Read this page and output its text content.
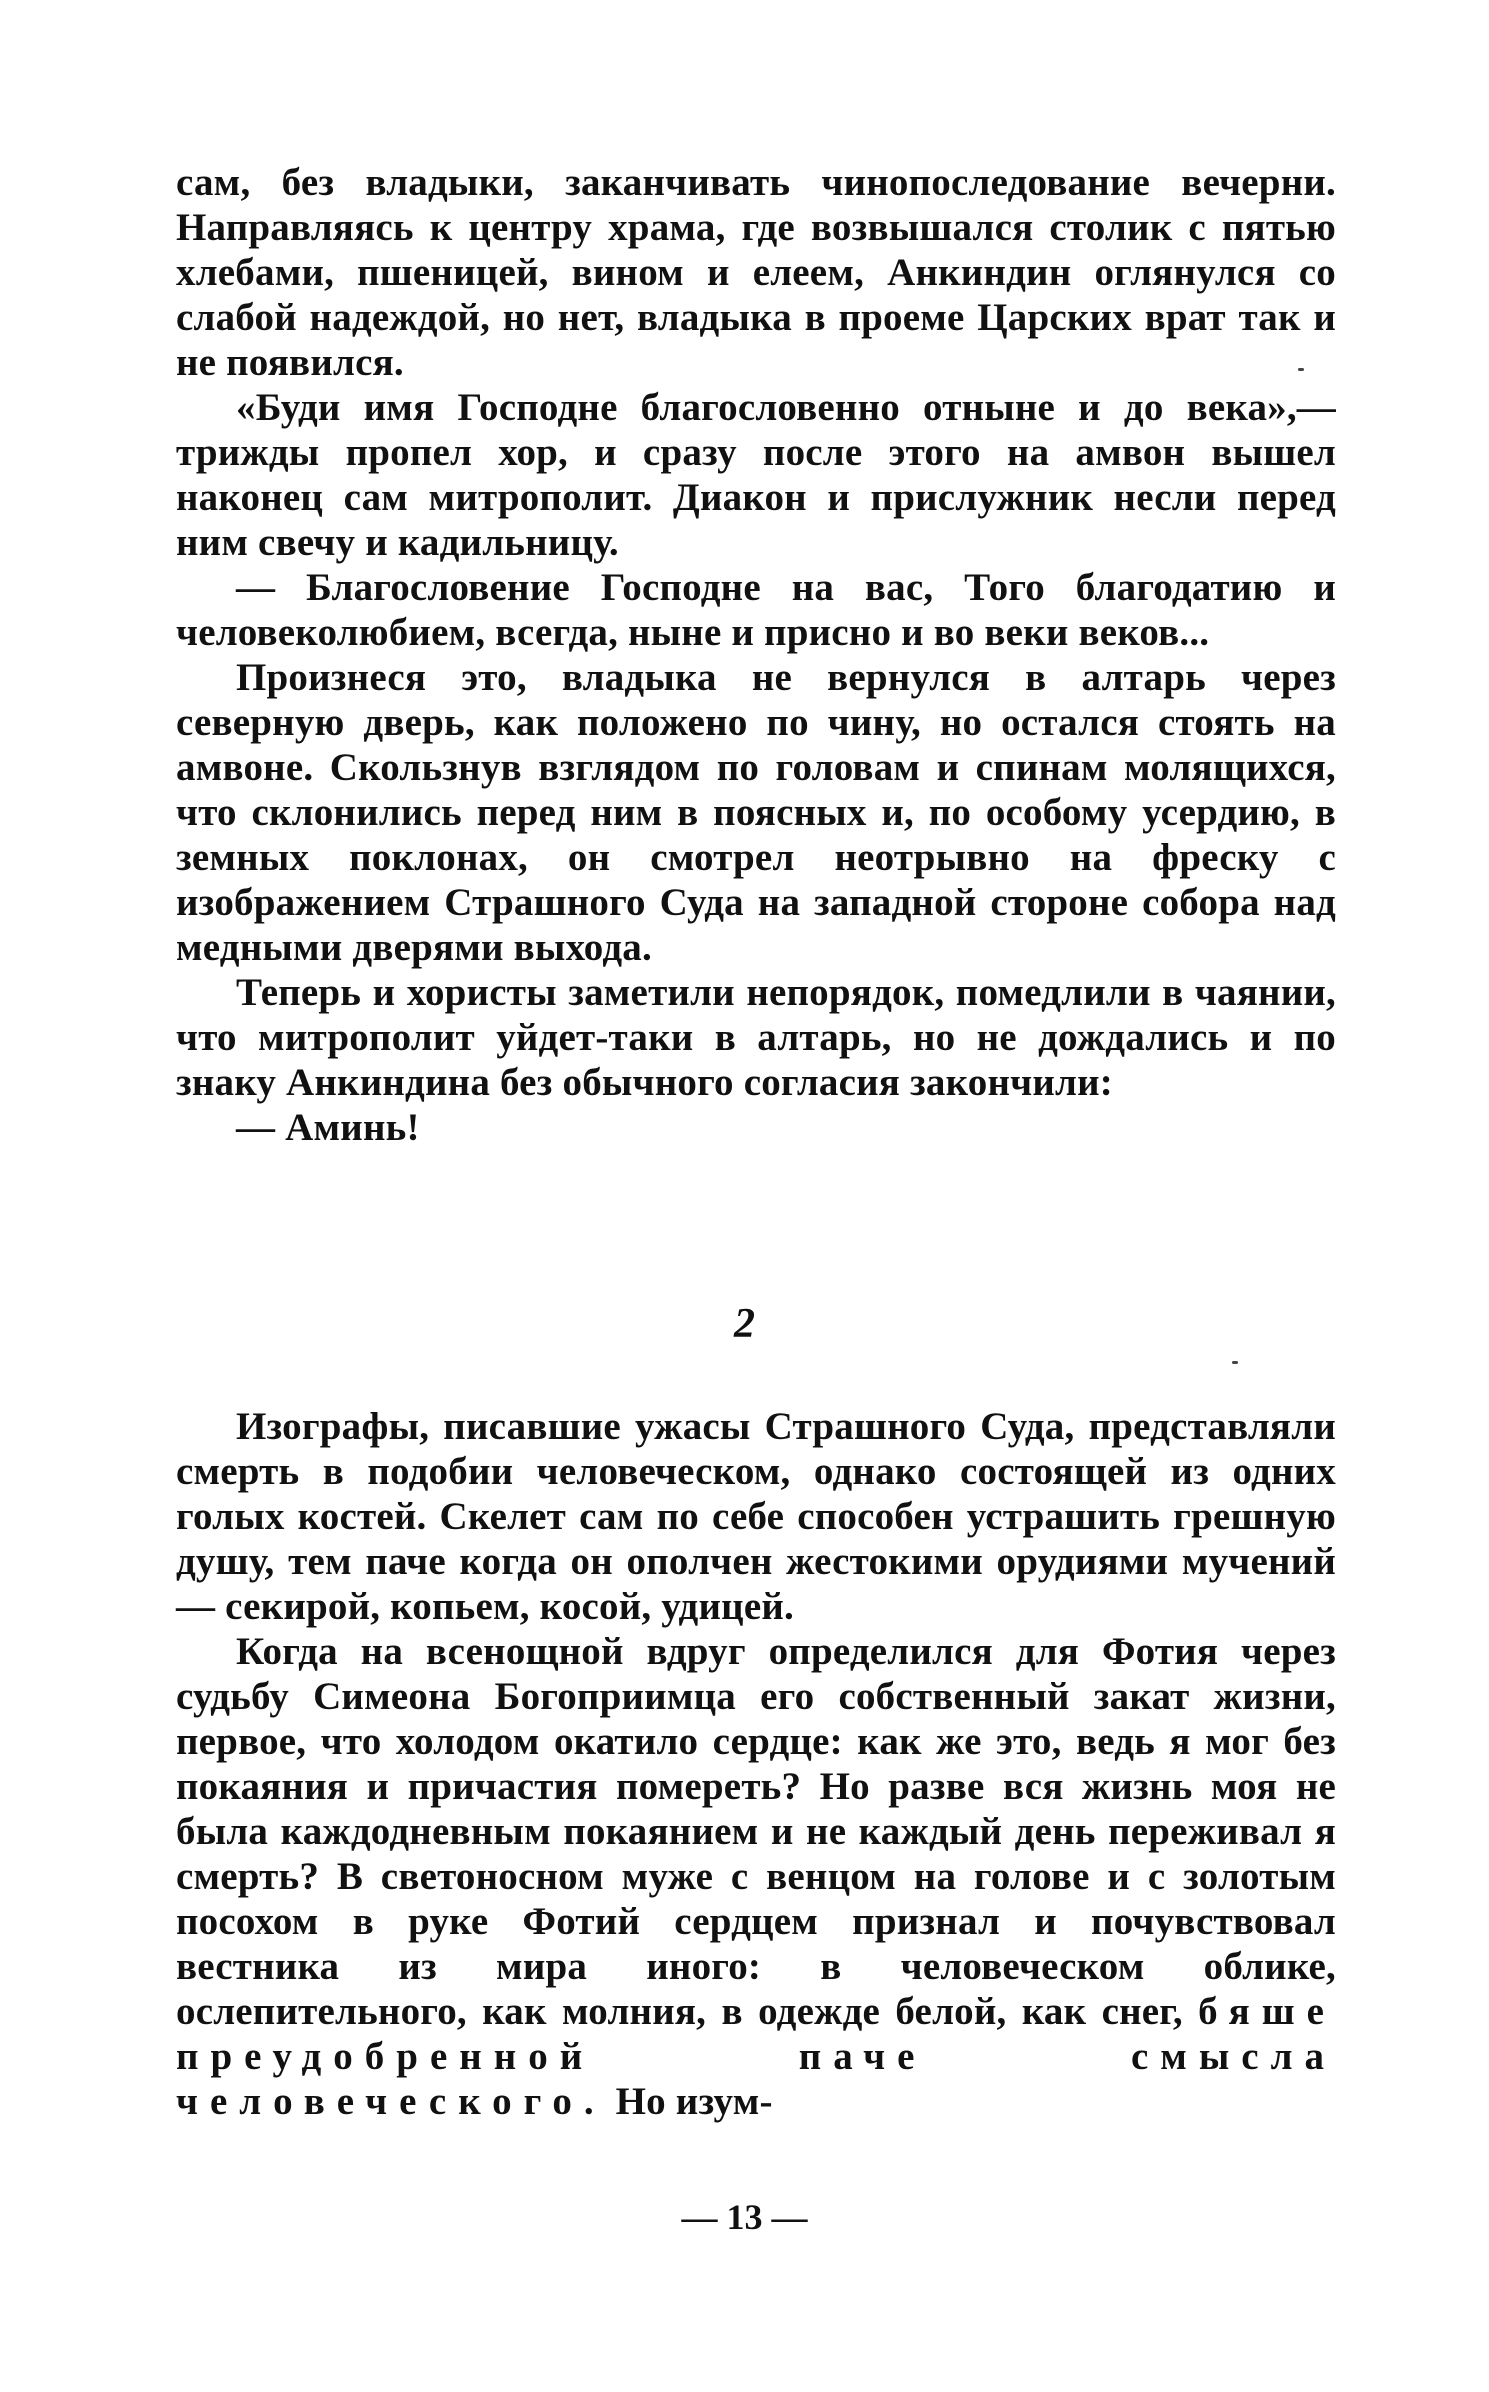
сам, без владыки, заканчивать чинопоследование вечерни. Направляясь к центру храма, где возвышался столик с пятью хлебами, пшеницей, вином и елеем, Анкиндин оглянулся со слабой надеждой, но нет, владыка в проеме Царских врат так и не появился.

«Буди имя Господне благословенно отныне и до века»,— трижды пропел хор, и сразу после этого на амвон вышел наконец сам митрополит. Диакон и прислужник несли перед ним свечу и кадильницу.

— Благословение Господне на вас, Того благодатию и человеколюбием, всегда, ныне и присно и во веки веков...

Произнеся это, владыка не вернулся в алтарь через северную дверь, как положено по чину, но остался стоять на амвоне. Скользнув взглядом по головам и спинам молящихся, что склонились перед ним в поясных и, по особому усердию, в земных поклонах, он смотрел неотрывно на фреску с изображением Страшного Суда на западной стороне собора над медными дверями выхода.

Теперь и хористы заметили непорядок, помедлили в чаянии, что митрополит уйдет-таки в алтарь, но не дождались и по знаку Анкиндина без обычного согласия закончили:

— Аминь!

2

Изографы, писавшие ужасы Страшного Суда, представляли смерть в подобии человеческом, однако состоящей из одних голых костей. Скелет сам по себе способен устрашить грешную душу, тем паче когда он ополчен жестокими орудиями мучений — секирой, копьем, косой, удицей.

Когда на всенощной вдруг определился для Фотия через судьбу Симеона Богоприимца его собственный закат жизни, первое, что холодом окатило сердце: как же это, ведь я мог без покаяния и причастия помереть? Но разве вся жизнь моя не была каждодневным покаянием и не каждый день переживал я смерть? В светоносном муже с венцом на голове и с золотым посохом в руке Фотий сердцем признал и почувствовал вестника из мира иного: в человеческом облике, ослепительного, как молния, в одежде белой, как снег, бяше преудобренной паче смысла человеческого. Но изум-

— 13 —
